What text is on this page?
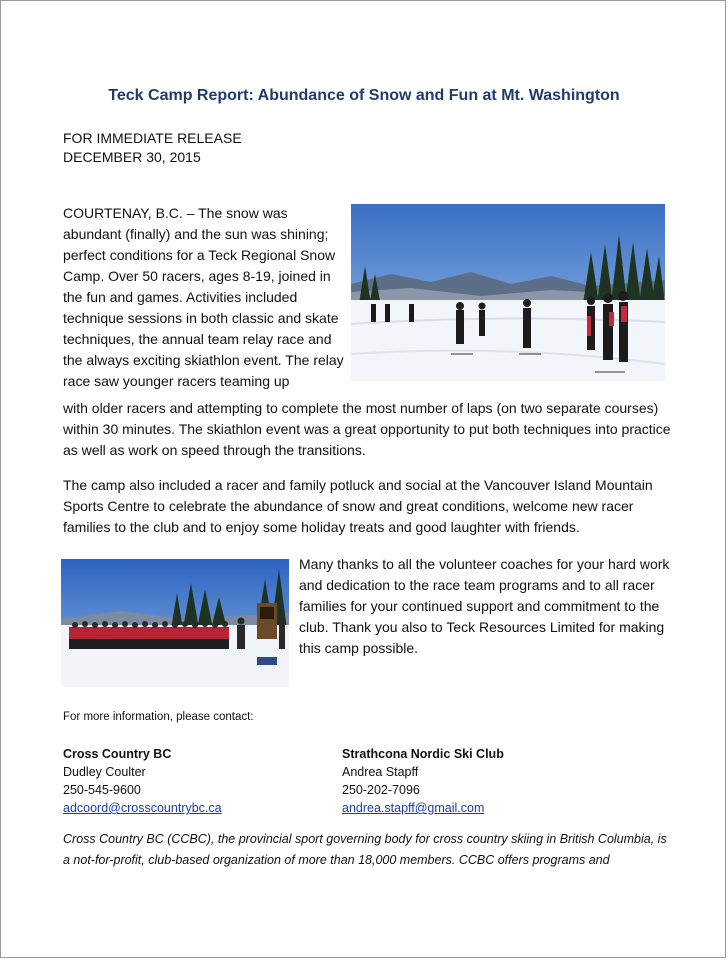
Teck Camp Report: Abundance of Snow and Fun at Mt. Washington
FOR IMMEDIATE RELEASE
DECEMBER 30, 2015
COURTENAY, B.C. – The snow was abundant (finally) and the sun was shining; perfect conditions for a Teck Regional Snow Camp. Over 50 racers, ages 8-19, joined in the fun and games. Activities included technique sessions in both classic and skate techniques, the annual team relay race and the always exciting skiathlon event. The relay race saw younger racers teaming up
with older racers and attempting to complete the most number of laps (on two separate courses) within 30 minutes. The skiathlon event was a great opportunity to put both techniques into practice as well as work on speed through the transitions.
The camp also included a racer and family potluck and social at the Vancouver Island Mountain Sports Centre to celebrate the abundance of snow and great conditions, welcome new racer families to the club and to enjoy some holiday treats and good laughter with friends.
Many thanks to all the volunteer coaches for your hard work and dedication to the race team programs and to all racer families for your continued support and commitment to the club. Thank you also to Teck Resources Limited for making this camp possible.
For more information, please contact:
Cross Country BC
Dudley Coulter
250-545-9600
adcoord@crosscountrybc.ca
Strathcona Nordic Ski Club
Andrea Stapff
250-202-7096
andrea.stapff@gmail.com
Cross Country BC (CCBC), the provincial sport governing body for cross country skiing in British Columbia, is a not-for-profit, club-based organization of more than 18,000 members. CCBC offers programs and
